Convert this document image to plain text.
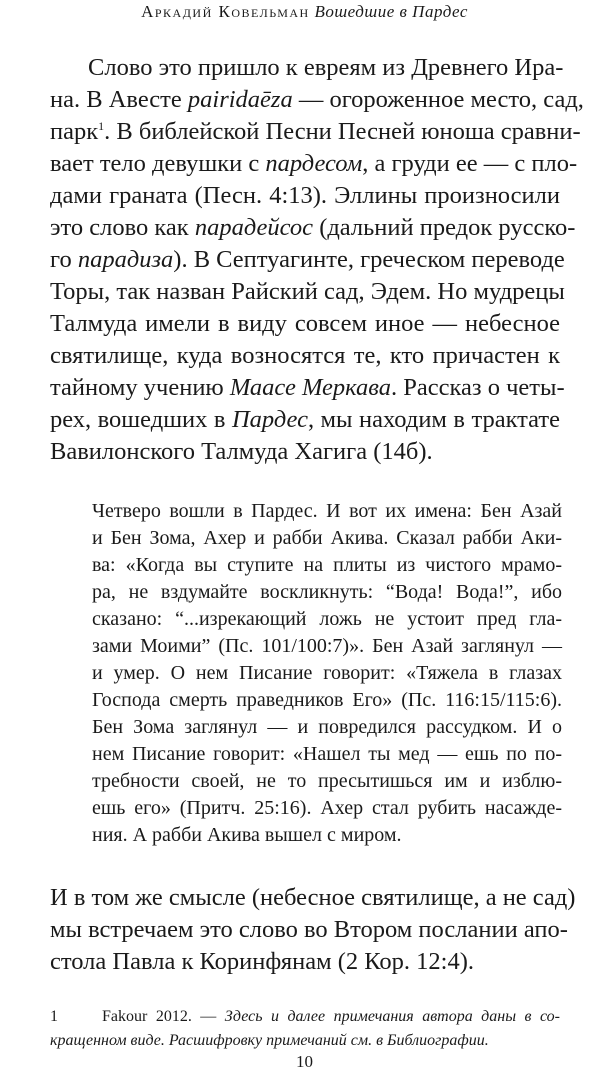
Аркадий Ковельман Вошедшие в Пардес
Слово это пришло к евреям из Древнего Ира-
на. В Авесте pairidaēza — огороженное место, сад,
парк$^1$. В библейской Песни Песней юноша сравни-
вает тело девушки с пардесом, а груди ее — с пло-
дами граната (Песн. 4:13). Эллины произносили
это слово как парадейсос (дальний предок русско-
го парадиза). В Септуагинте, греческом переводе
Торы, так назван Райский сад, Эдем. Но мудрецы
Талмуда имели в виду совсем иное — небесное
святилище, куда возносятся те, кто причастен к
тайному учению Маасе Меркава. Рассказ о четы-
рех, вошедших в Пардес, мы находим в трактате
Вавилонского Талмуда Хагига (14б).
Четверо вошли в Пардес. И вот их имена: Бен Азай
и Бен Зома, Ахер и рабби Акива. Сказал рабби Аки-
ва: «Когда вы ступите на плиты из чистого мрамо-
ра, не вздумайте воскликнуть: “Вода! Вода!”, ибо
сказано: “...изрекающий ложь не устоит пред гла-
зами Моими” (Пс. 101/100:7)». Бен Азай заглянул —
и умер. О нем Писание говорит: «Тяжела в глазах
Господа смерть праведников Его» (Пс. 116:15/115:6).
Бен Зома заглянул — и повредился рассудком. И о
нем Писание говорит: «Нашел ты мед — ешь по по-
требности своей, не то пресытишься им и изблю-
ешь его» (Притч. 25:16). Ахер стал рубить насажде-
ния. А рабби Акива вышел с миром.
И в том же смысле (небесное святилище, а не сад)
мы встречаем это слово во Втором послании апо-
стола Павла к Коринфянам (2 Кор. 12:4).
1	Fakour 2012. — Здесь и далее примечания автора даны в со-
кращенном виде. Расшифровку примечаний см. в Библиографии.
10
